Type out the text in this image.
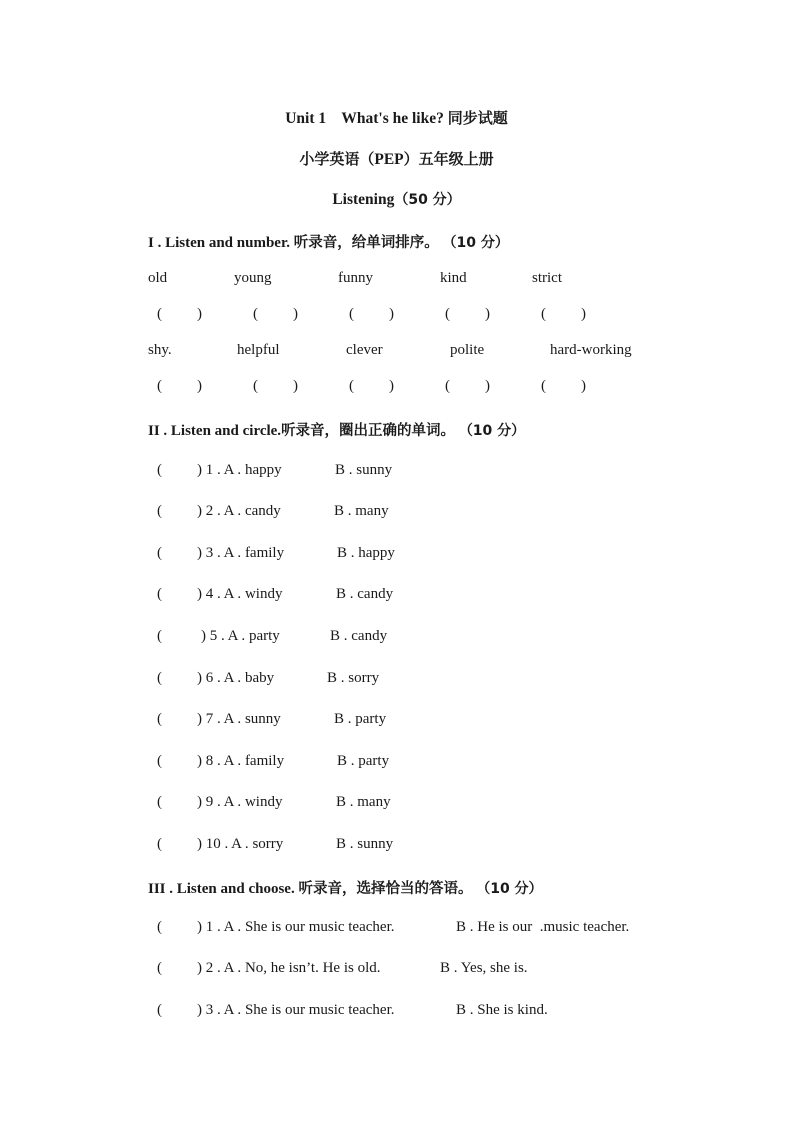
Unit 1    What's he like? 同步试题
小学英语（PEP）五年级上册
Listening（50 分）
I . Listen and number. 听录音，给单词排序。 （10 分）
old	young	funny	kind	strict
( )	( )	( )	( )	( )
shy.	helpful	clever	polite	hard-working
( )	( )	( )	( )	( )
II . Listen and circle.听录音，圈出正确的单词。 （10 分）
( ) 1 . A . happy	B . sunny
( ) 2 . A . candy	B . many
( ) 3 . A . family	B . happy
( ) 4 . A . windy	B . candy
(	) 5 . A . party	B . candy
( ) 6 . A . baby	B . sorry
( ) 7 . A . sunny	B . party
( ) 8 . A . family	B . party
( ) 9 . A . windy	B . many
( ) 10 . A . sorry	B . sunny
III . Listen and choose. 听录音，选择恰当的答语。 （10 分）
( ) 1 . A . She is our music teacher.	B . He is our  .music teacher.
( ) 2 . A . No, he isn’t. He is old.	B . Yes, she is.
( ) 3 . A . She is our music teacher.	B . She is kind.
